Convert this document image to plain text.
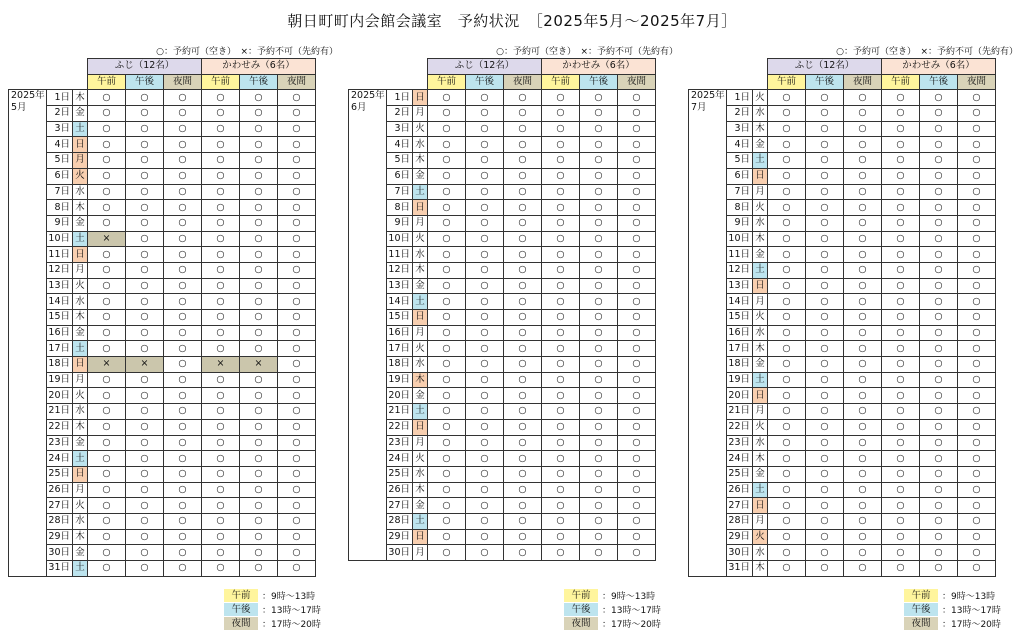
朝日町町内会館会議室　予約状況　［2025年5月～2025年7月］
○：予約可（空き）　×：予約不可（先約有）
			ふじ（12名）			かわせみ（6名）		
			午前	午後	夜間	午前	午後	夜間
2025年
5月	1日	木	○	○	○	○	○	○
	2日	金	○	○	○	○	○	○
	3日	土	○	○	○	○	○	○
	4日	日	○	○	○	○	○	○
	5日	月	○	○	○	○	○	○
	6日	火	○	○	○	○	○	○
	7日	水	○	○	○	○	○	○
	8日	木	○	○	○	○	○	○
	9日	金	○	○	○	○	○	○
	10日	土	×	○	○	○	○	○
	11日	日	○	○	○	○	○	○
	12日	月	○	○	○	○	○	○
	13日	火	○	○	○	○	○	○
	14日	水	○	○	○	○	○	○
	15日	木	○	○	○	○	○	○
	16日	金	○	○	○	○	○	○
	17日	土	○	○	○	○	○	○
	18日	日	×	×	○	×	×	○
	19日	月	○	○	○	○	○	○
	20日	火	○	○	○	○	○	○
	21日	水	○	○	○	○	○	○
	22日	木	○	○	○	○	○	○
	23日	金	○	○	○	○	○	○
	24日	土	○	○	○	○	○	○
	25日	日	○	○	○	○	○	○
	26日	月	○	○	○	○	○	○
	27日	火	○	○	○	○	○	○
	28日	水	○	○	○	○	○	○
	29日	木	○	○	○	○	○	○
	30日	金	○	○	○	○	○	○
	31日	土	○	○	○	○	○	○
○：予約可（空き）　×：予約不可（先約有）
			ふじ（12名）			かわせみ（6名）		
			午前	午後	夜間	午前	午後	夜間
2025年
6月	1日	日	○	○	○	○	○	○
	2日	月	○	○	○	○	○	○
	3日	火	○	○	○	○	○	○
	4日	水	○	○	○	○	○	○
	5日	木	○	○	○	○	○	○
	6日	金	○	○	○	○	○	○
	7日	土	○	○	○	○	○	○
	8日	日	○	○	○	○	○	○
	9日	月	○	○	○	○	○	○
	10日	火	○	○	○	○	○	○
	11日	水	○	○	○	○	○	○
	12日	木	○	○	○	○	○	○
	13日	金	○	○	○	○	○	○
	14日	土	○	○	○	○	○	○
	15日	日	○	○	○	○	○	○
	16日	月	○	○	○	○	○	○
	17日	火	○	○	○	○	○	○
	18日	水	○	○	○	○	○	○
	19日	木	○	○	○	○	○	○
	20日	金	○	○	○	○	○	○
	21日	土	○	○	○	○	○	○
	22日	日	○	○	○	○	○	○
	23日	月	○	○	○	○	○	○
	24日	火	○	○	○	○	○	○
	25日	水	○	○	○	○	○	○
	26日	木	○	○	○	○	○	○
	27日	金	○	○	○	○	○	○
	28日	土	○	○	○	○	○	○
	29日	日	○	○	○	○	○	○
	30日	月	○	○	○	○	○	○
○：予約可（空き）　×：予約不可（先約有）
			ふじ（12名）			かわせみ（6名）		
			午前	午後	夜間	午前	午後	夜間
2025年
7月	1日	火	○	○	○	○	○	○
	2日	水	○	○	○	○	○	○
	3日	木	○	○	○	○	○	○
	4日	金	○	○	○	○	○	○
	5日	土	○	○	○	○	○	○
	6日	日	○	○	○	○	○	○
	7日	月	○	○	○	○	○	○
	8日	火	○	○	○	○	○	○
	9日	水	○	○	○	○	○	○
	10日	木	○	○	○	○	○	○
	11日	金	○	○	○	○	○	○
	12日	土	○	○	○	○	○	○
	13日	日	○	○	○	○	○	○
	14日	月	○	○	○	○	○	○
	15日	火	○	○	○	○	○	○
	16日	水	○	○	○	○	○	○
	17日	木	○	○	○	○	○	○
	18日	金	○	○	○	○	○	○
	19日	土	○	○	○	○	○	○
	20日	日	○	○	○	○	○	○
	21日	月	○	○	○	○	○	○
	22日	火	○	○	○	○	○	○
	23日	水	○	○	○	○	○	○
	24日	木	○	○	○	○	○	○
	25日	金	○	○	○	○	○	○
	26日	土	○	○	○	○	○	○
	27日	日	○	○	○	○	○	○
	28日	月	○	○	○	○	○	○
	29日	火	○	○	○	○	○	○
	30日	水	○	○	○	○	○	○
	31日	木	○	○	○	○	○	○
午前	：9時～13時
午後	：13時～17時
夜間	：17時～20時
午前	：9時～13時
午後	：13時～17時
夜間	：17時～20時
午前	：9時～13時
午後	：13時～17時
夜間	：17時～20時
